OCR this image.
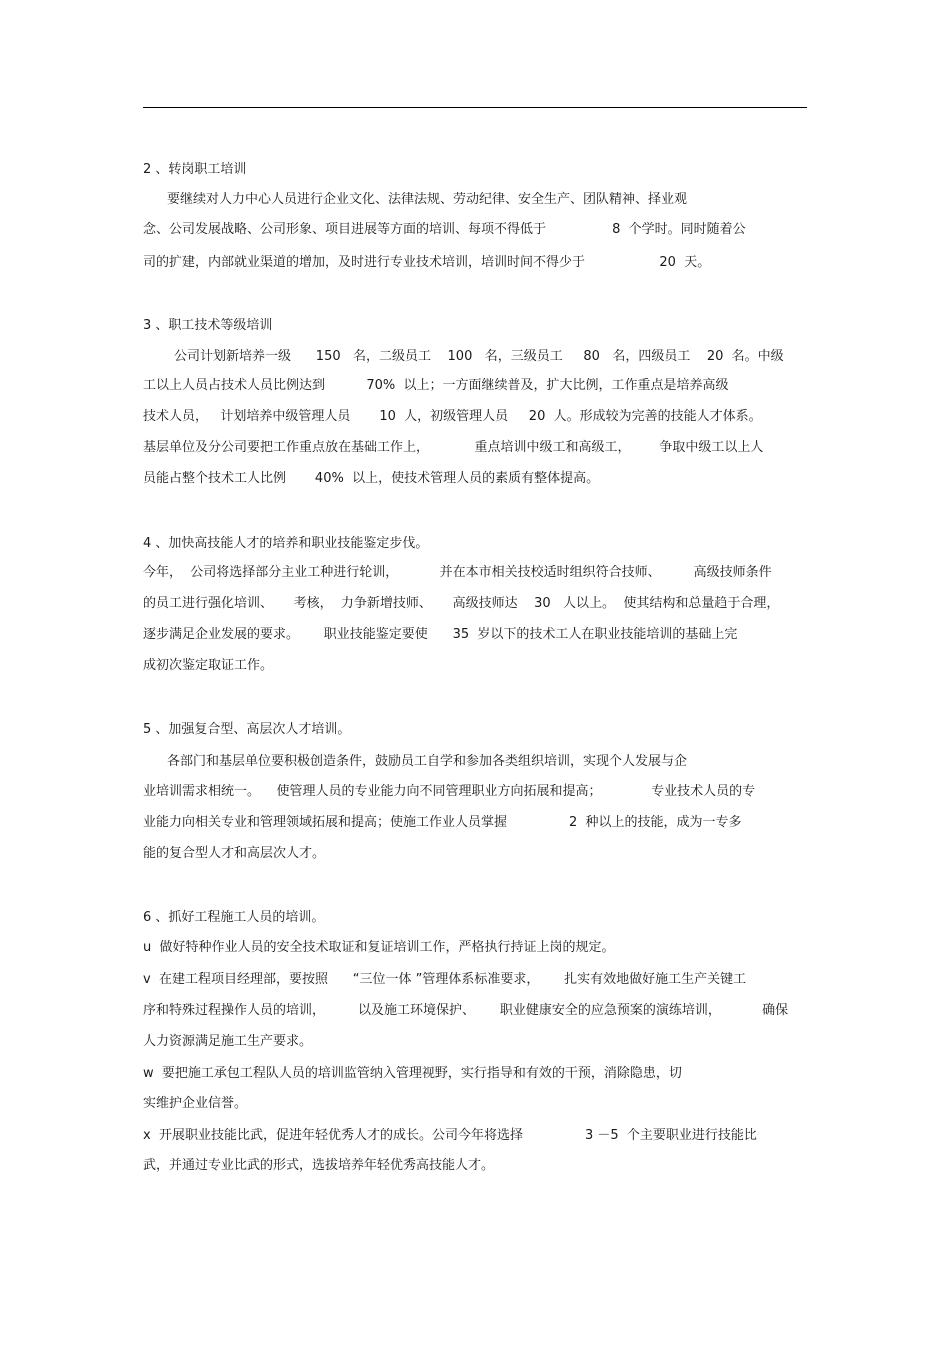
2 、转岗职工培训
要继续对人力中心人员进行企业文化、法律法规、劳动纪律、安全生产、团队精神、择业观
念、公司发展战略、公司形象、项目进展等方面的培训、每项不得低于                8  个学时。同时随着公
司的扩建，内部就业渠道的增加，及时进行专业技术培训，培训时间不得少于                  20  天。
3 、职工技术等级培训
公司计划新培养一级      150   名，二级员工    100   名，三级员工     80   名，四级员工    20  名。中级
工以上人员占技术人员比例达到          70%  以上；一方面继续普及，扩大比例，工作重点是培养高级
技术人员，   计划培养中级管理人员       10  人，初级管理人员     20  人。形成较为完善的技能人才体系。
基层单位及分公司要把工作重点放在基础工作上，           重点培训中级工和高级工，       争取中级工以上人
员能占整个技术工人比例       40%  以上，使技术管理人员的素质有整体提高。
4 、加快高技能人才的培养和职业技能鉴定步伐。
今年，  公司将选择部分主业工种进行轮训，          并在本市相关技校适时组织符合技师、        高级技师条件
的员工进行强化培训、     考核，  力争新增技师、     高级技师达    30   人以上。  使其结构和总量趋于合理，
逐步满足企业发展的要求。      职业技能鉴定要使      35  岁以下的技术工人在职业技能培训的基础上完
成初次鉴定取证工作。
5 、加强复合型、高层次人才培训。
各部门和基层单位要积极创造条件，鼓励员工自学和参加各类组织培训，实现个人发展与企
业培训需求相统一。    使管理人员的专业能力向不同管理职业方向拓展和提高；            专业技术人员的专
业能力向相关专业和管理领域拓展和提高；使施工作业人员掌握               2  种以上的技能，成为一专多
能的复合型人才和高层次人才。
6 、抓好工程施工人员的培训。
u  做好特种作业人员的安全技术取证和复证培训工作，严格执行持证上岗的规定。
v  在建工程项目经理部，要按照      “三位一体 ”管理体系标准要求，      扎实有效地做好施工生产关键工
序和特殊过程操作人员的培训，        以及施工环境保护、      职业健康安全的应急预案的演练培训，          确保
人力资源满足施工生产要求。
w  要把施工承包工程队人员的培训监管纳入管理视野，实行指导和有效的干预，消除隐患，切
实维护企业信誉。
x  开展职业技能比武，促进年轻优秀人才的成长。公司今年将选择               3 －5  个主要职业进行技能比
武，并通过专业比武的形式，选拔培养年轻优秀高技能人才。
